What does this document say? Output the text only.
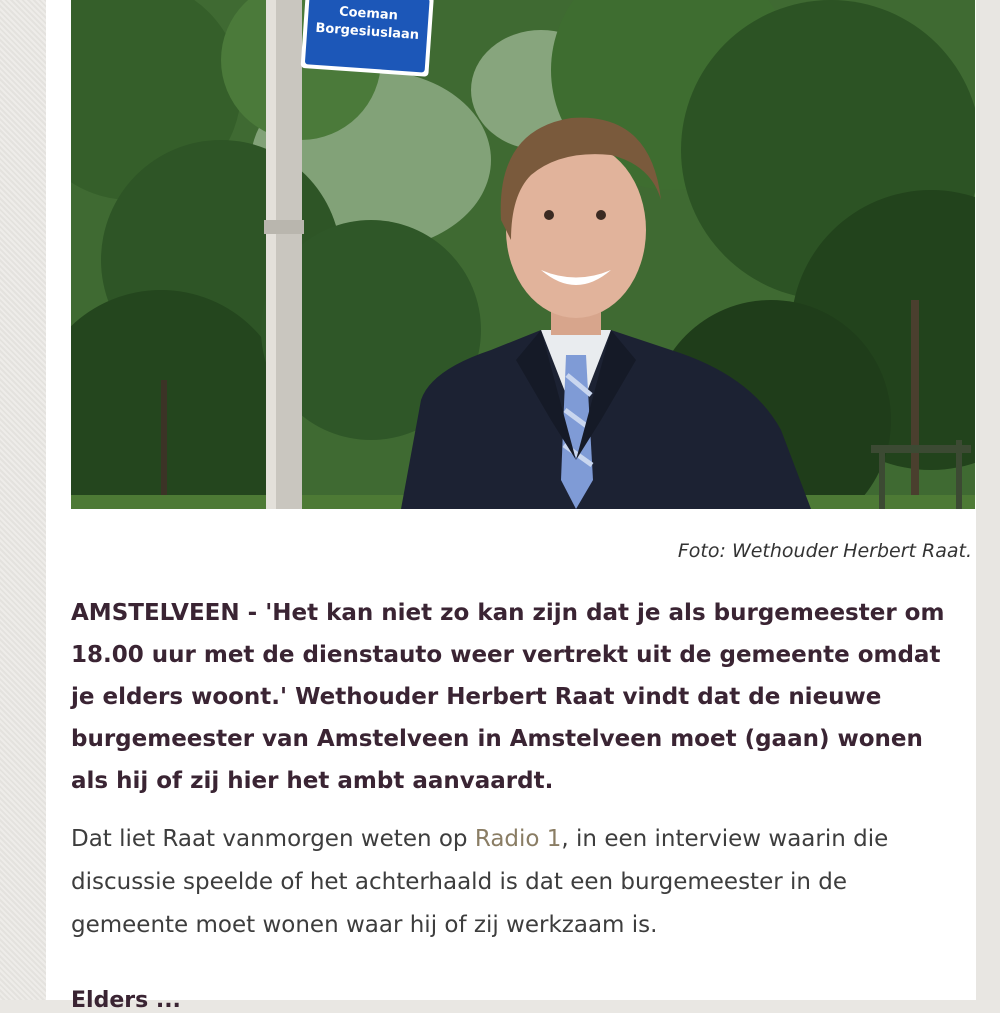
Coeman
Borgesiuslaan
Foto: Wethouder Herbert Raat.
AMSTELVEEN - 'Het kan niet zo kan zijn dat je als burgemeester om 18.00 uur met de dienstauto weer vertrekt uit de gemeente omdat je elders woont.' Wethouder Herbert Raat vindt dat de nieuwe burgemeester van Amstelveen in Amstelveen moet (gaan) wonen als hij of zij hier het ambt aanvaardt.
Dat liet Raat vanmorgen weten op Radio 1, in een interview waarin die discussie speelde of het achterhaald is dat een burgemeester in de gemeente moet wonen waar hij of zij werkzaam is.
Elders ...
